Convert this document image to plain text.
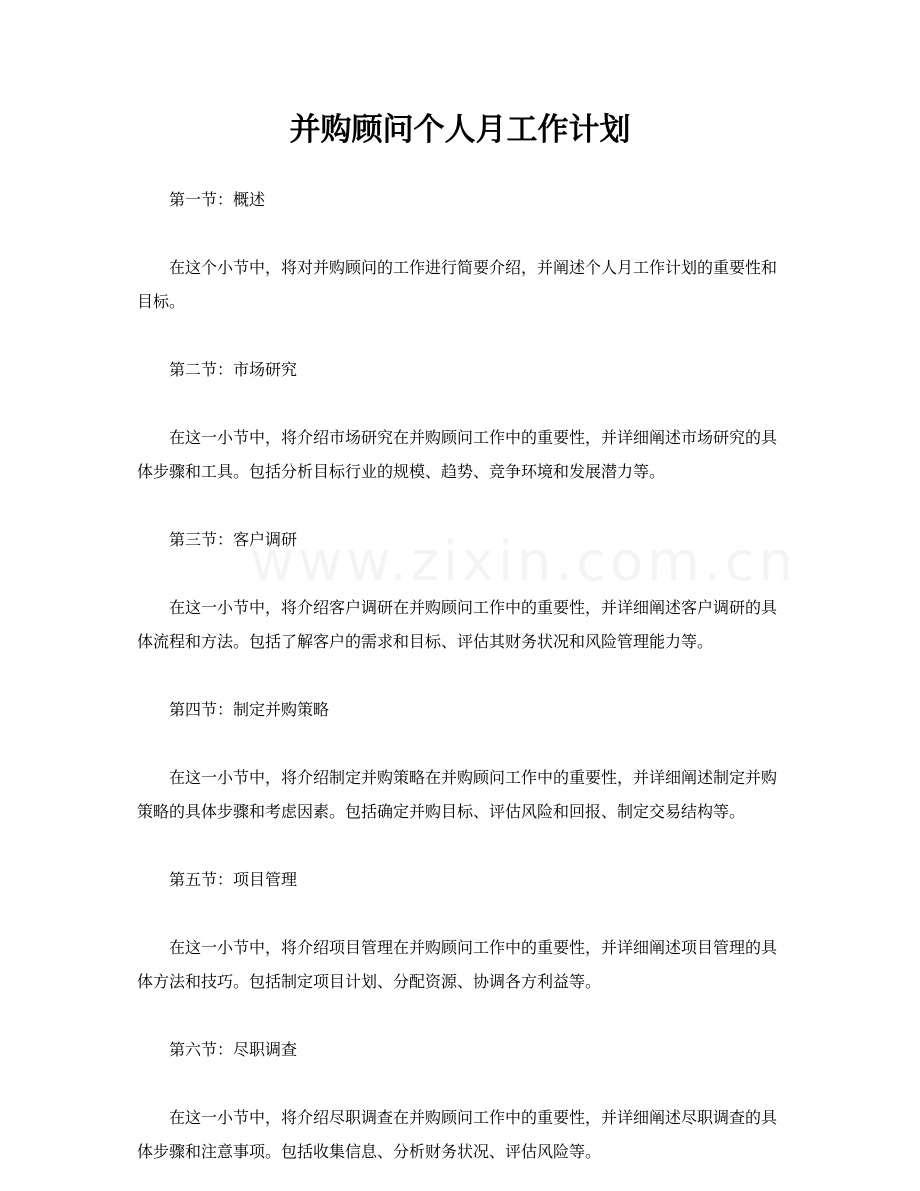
并购顾问个人月工作计划

第一节：概述

在这个小节中，将对并购顾问的工作进行简要介绍，并阐述个人月工作计划的重要性和目标。

第二节：市场研究

在这一小节中，将介绍市场研究在并购顾问工作中的重要性，并详细阐述市场研究的具体步骤和工具。包括分析目标行业的规模、趋势、竞争环境和发展潜力等。

第三节：客户调研

在这一小节中，将介绍客户调研在并购顾问工作中的重要性，并详细阐述客户调研的具体流程和方法。包括了解客户的需求和目标、评估其财务状况和风险管理能力等。

第四节：制定并购策略

在这一小节中，将介绍制定并购策略在并购顾问工作中的重要性，并详细阐述制定并购策略的具体步骤和考虑因素。包括确定并购目标、评估风险和回报、制定交易结构等。

第五节：项目管理

在这一小节中，将介绍项目管理在并购顾问工作中的重要性，并详细阐述项目管理的具体方法和技巧。包括制定项目计划、分配资源、协调各方利益等。

第六节：尽职调查

在这一小节中，将介绍尽职调查在并购顾问工作中的重要性，并详细阐述尽职调查的具体步骤和注意事项。包括收集信息、分析财务状况、评估风险等。
